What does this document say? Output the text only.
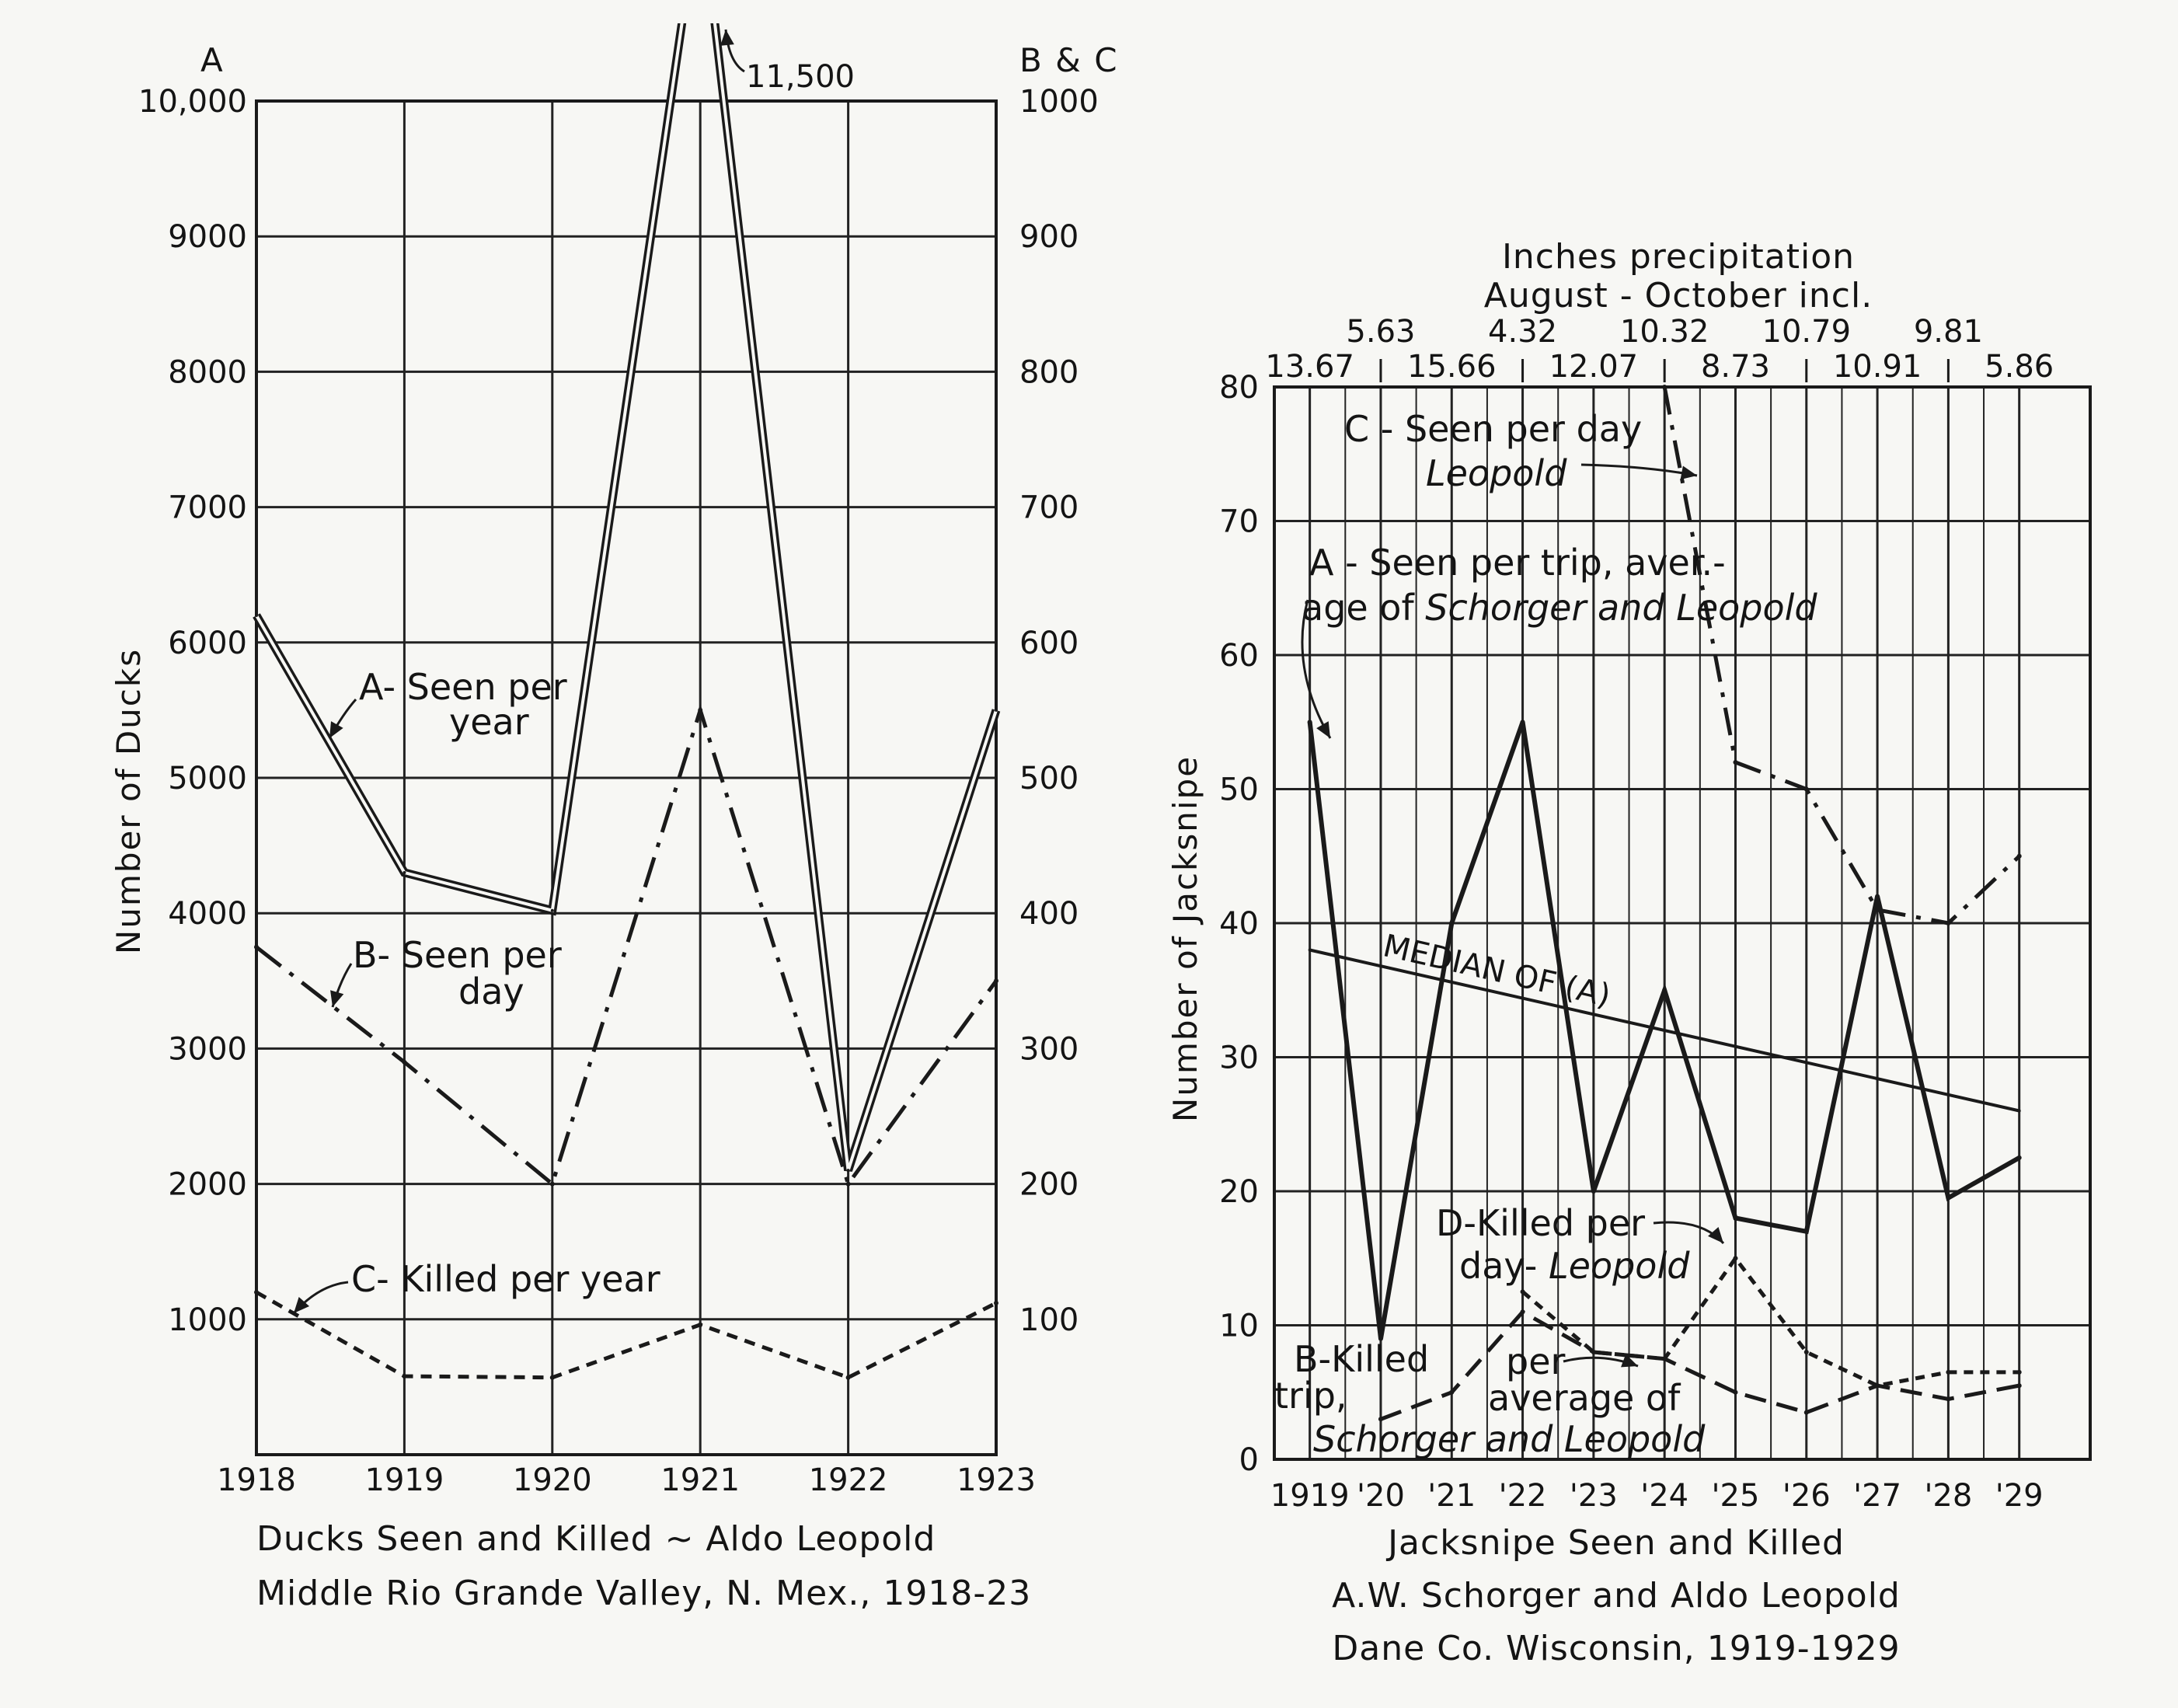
1000
2000
3000
4000
5000
6000
7000
8000
9000
10,000
100
200
300
400
500
600
700
800
900
1000
1918 1919 1920 1921 1922 1923
A	B & C
Number of Ducks
Ducks Seen and Killed ~ Aldo Leopold
Middle Rio Grande Valley, N. Mex., 1918-23
11,500
A- Seen per
year
B- Seen per
day
C- Killed per year
0
10
20
30
40
50
60
70
80
1919 '20 '21 '22 '23 '24 '25 '26 '27 '28 '29
Number of Jacksnipe
Inches precipitation
August - October incl.
13.67
5.63
15.66
4.32
12.07
10.32
8.73
10.79
10.91
9.81
5.86
MEDIAN OF (A)
C - Seen per day
Leopold
A - Seen per trip, aver.-
age of Schorger and Leopold
D-Killed per
day- Leopold
B-Killed per
trip,	average of
Schorger and Leopold
Jacksnipe Seen and Killed
A.W. Schorger and Aldo Leopold
Dane Co. Wisconsin, 1919-1929
